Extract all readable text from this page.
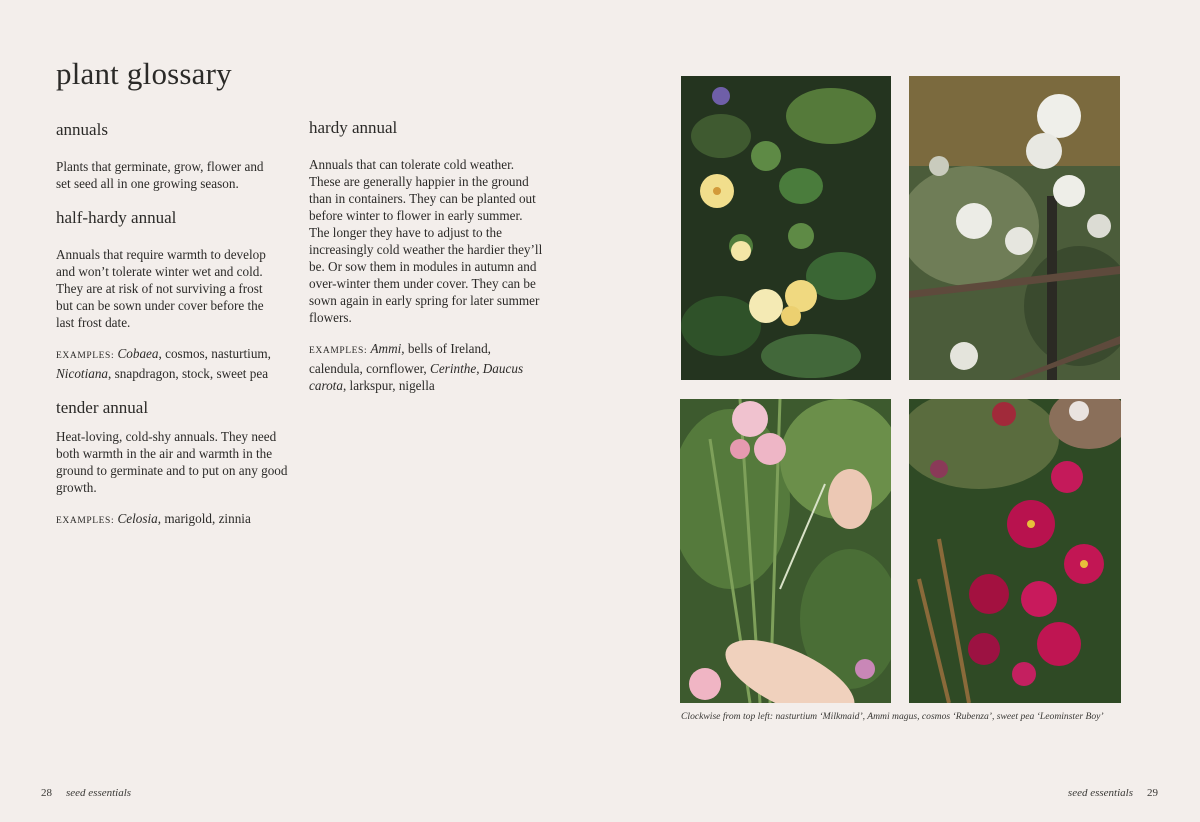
plant glossary
annuals

Plants that germinate, grow, flower and set seed all in one growing season.

half-hardy annual

Annuals that require warmth to develop and won’t tolerate winter wet and cold. They are at risk of not surviving a frost but can be sown under cover before the last frost date.

EXAMPLES: Cobaea, cosmos, nasturtium, Nicotiana, snapdragon, stock, sweet pea

tender annual

Heat-loving, cold-shy annuals. They need both warmth in the air and warmth in the ground to germinate and to put on any good growth.

EXAMPLES: Celosia, marigold, zinnia

hardy annual

Annuals that can tolerate cold weather. These are generally happier in the ground than in containers. They can be planted out before winter to flower in early summer. The longer they have to adjust to the increasingly cold weather the hardier they’ll be. Or sow them in modules in autumn and over-winter them under cover. They can be sown again in early spring for later summer flowers.

EXAMPLES: Ammi, bells of Ireland, calendula, cornflower, Cerinthe, Daucus carota, larkspur, nigella

Clockwise from top left: nasturtium ‘Milkmaid’, Ammi magus, cosmos ‘Rubenza’, sweet pea ‘Leominster Boy’
28 seed essentials	seed essentials 29
